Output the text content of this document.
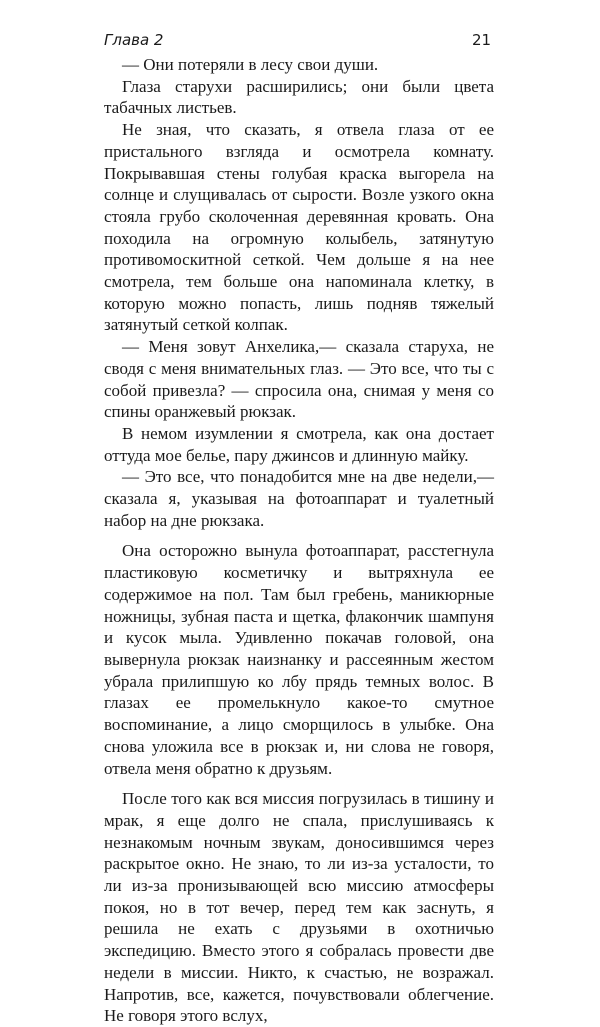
Глава 2	21

— Они потеряли в лесу свои души.

Глаза старухи расширились; они были цвета табачных листьев.

Не зная, что сказать, я отвела глаза от ее пристального взгляда и осмотрела комнату. Покрывавшая стены голубая краска выгорела на солнце и слущивалась от сырости. Возле узкого окна стояла грубо сколоченная деревянная кровать. Она походила на огромную колыбель, затянутую противомоскитной сеткой. Чем дольше я на нее смотрела, тем больше она напоминала клетку, в которую можно попасть, лишь подняв тяжелый затянутый сеткой колпак.

— Меня зовут Анхелика,— сказала старуха, не сводя с меня внимательных глаз. — Это все, что ты с собой привезла? — спросила она, снимая у меня со спины оранжевый рюкзак.

В немом изумлении я смотрела, как она достает оттуда мое белье, пару джинсов и длинную майку.

— Это все, что понадобится мне на две недели,— сказала я, указывая на фотоаппарат и туалетный набор на дне рюкзака.

Она осторожно вынула фотоаппарат, расстегнула пластиковую косметичку и вытряхнула ее содержимое на пол. Там был гребень, маникюрные ножницы, зубная паста и щетка, флакончик шампуня и кусок мыла. Удивленно покачав головой, она вывернула рюкзак наизнанку и рассеянным жестом убрала прилипшую ко лбу прядь темных волос. В глазах ее промелькнуло какое-то смутное воспоминание, а лицо сморщилось в улыбке. Она снова уложила все в рюкзак и, ни слова не говоря, отвела меня обратно к друзьям.

После того как вся миссия погрузилась в тишину и мрак, я еще долго не спала, прислушиваясь к незнакомым ночным звукам, доносившимся через раскрытое окно. Не знаю, то ли из-за усталости, то ли из-за пронизывающей всю миссию атмосферы покоя, но в тот вечер, перед тем как заснуть, я решила не ехать с друзьями в охотничью экспедицию. Вместо этого я собралась провести две недели в миссии. Никто, к счастью, не возражал. Напротив, все, кажется, почувствовали облегчение. Не говоря этого вслух,
